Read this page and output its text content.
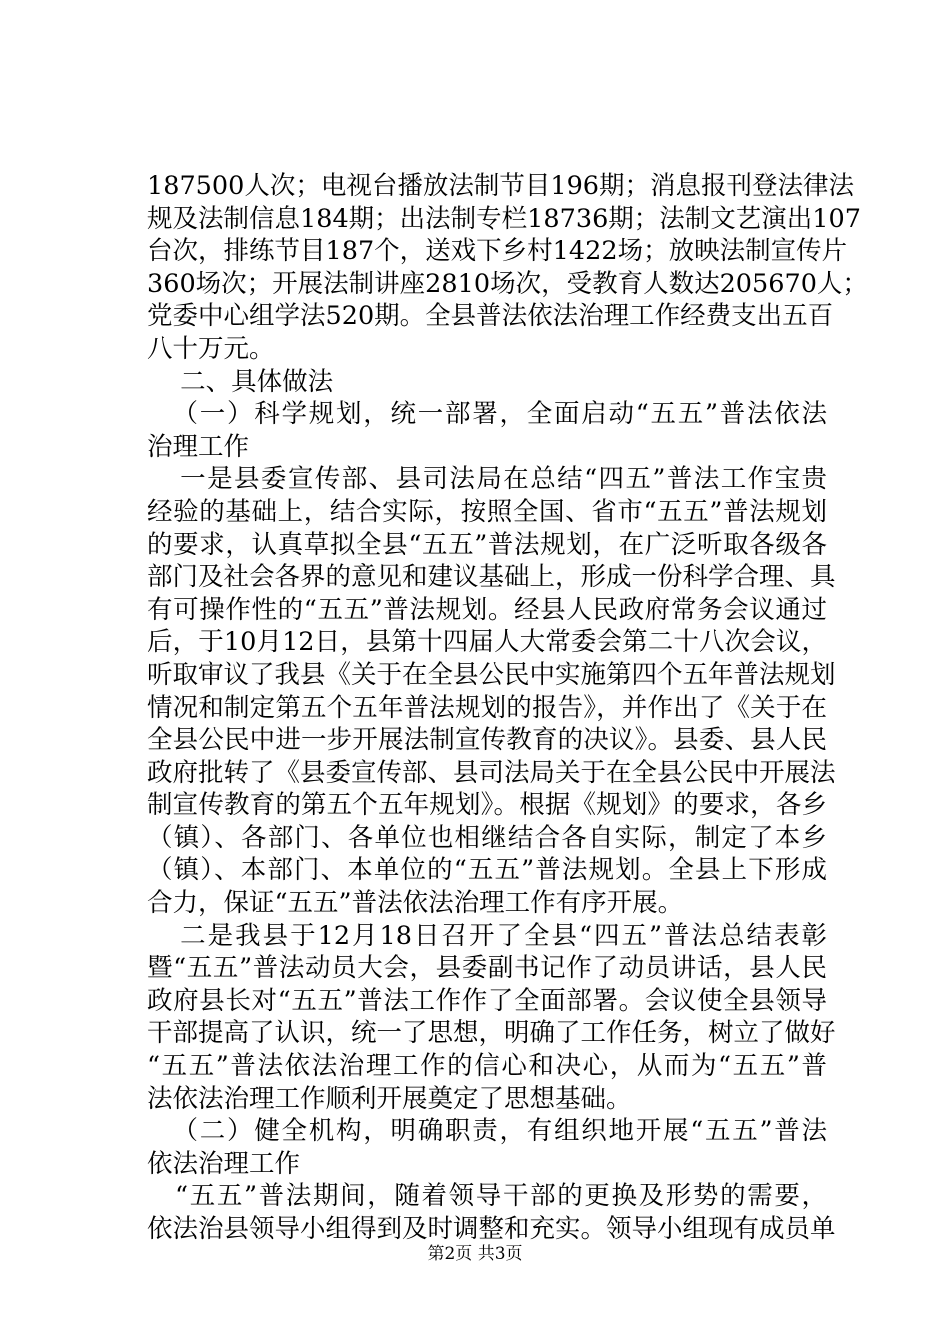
187500人次；电视台播放法制节目196期；消息报刊登法律法
规及法制信息184期；出法制专栏18736期；法制文艺演出107
台次，排练节目187个，送戏下乡村1422场；放映法制宣传片
360场次；开展法制讲座2810场次，受教育人数达205670人；
党委中心组学法520期。全县普法依法治理工作经费支出五百
八十万元。
二、具体做法
（一）科学规划，统一部署，全面启动“五五”普法依法
治理工作
一是县委宣传部、县司法局在总结“四五”普法工作宝贵
经验的基础上，结合实际，按照全国、省市“五五”普法规划
的要求，认真草拟全县“五五”普法规划，在广泛听取各级各
部门及社会各界的意见和建议基础上，形成一份科学合理、具
有可操作性的“五五”普法规划。经县人民政府常务会议通过
后，于10月12日，县第十四届人大常委会第二十八次会议，
听取审议了我县《关于在全县公民中实施第四个五年普法规划
情况和制定第五个五年普法规划的报告》，并作出了《关于在
全县公民中进一步开展法制宣传教育的决议》。县委、县人民
政府批转了《县委宣传部、县司法局关于在全县公民中开展法
制宣传教育的第五个五年规划》。根据《规划》的要求，各乡
（镇）、各部门、各单位也相继结合各自实际，制定了本乡
（镇）、本部门、本单位的“五五”普法规划。全县上下形成
合力，保证“五五”普法依法治理工作有序开展。
二是我县于12月18日召开了全县“四五”普法总结表彰
暨“五五”普法动员大会，县委副书记作了动员讲话，县人民
政府县长对“五五”普法工作作了全面部署。会议使全县领导
干部提高了认识，统一了思想，明确了工作任务，树立了做好
“五五”普法依法治理工作的信心和决心，从而为“五五”普
法依法治理工作顺利开展奠定了思想基础。
（二）健全机构，明确职责，有组织地开展“五五”普法
依法治理工作
“五五”普法期间，随着领导干部的更换及形势的需要，
依法治县领导小组得到及时调整和充实。领导小组现有成员单
第2页 共3页
